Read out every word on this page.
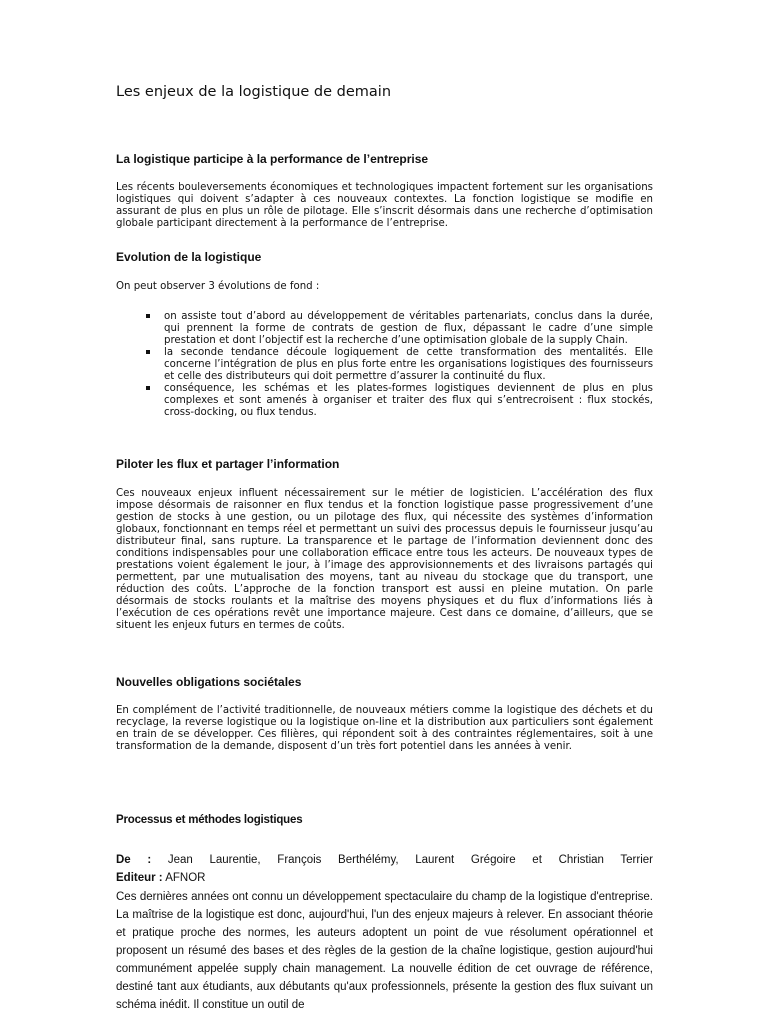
Les enjeux de la logistique de demain
La logistique participe à la performance de l’entreprise

Les récents bouleversements économiques et technologiques impactent fortement sur les organisations logistiques qui doivent s’adapter à ces nouveaux contextes. La fonction logistique se modifie en assurant de plus en plus un rôle de pilotage. Elle s’inscrit désormais dans une recherche d’optimisation globale participant directement à la performance de l’entreprise.

Evolution de la logistique

On peut observer 3 évolutions de fond :

on assiste tout d’abord au développement de véritables partenariats, conclus dans la durée, qui prennent la forme de contrats de gestion de flux, dépassant le cadre d’une simple prestation et dont l’objectif est la recherche d’une optimisation globale de la supply Chain.
la seconde tendance découle logiquement de cette transformation des mentalités. Elle concerne l’intégration de plus en plus forte entre les organisations logistiques des fournisseurs et celle des distributeurs qui doit permettre d’assurer la continuité du flux.
conséquence, les schémas et les plates-formes logistiques deviennent de plus en plus complexes et sont amenés à organiser et traiter des flux qui s’entrecroisent : flux stockés, cross-docking, ou flux tendus.
Piloter les flux et partager l’information

Ces nouveaux enjeux influent nécessairement sur le métier de logisticien. L’accélération des flux impose désormais de raisonner en flux tendus et la fonction logistique passe progressivement d’une gestion de stocks à une gestion, ou un pilotage des flux, qui nécessite des systèmes d’information globaux, fonctionnant en temps réel et permettant un suivi des processus depuis le fournisseur jusqu’au distributeur final, sans rupture. La transparence et le partage de l’information deviennent donc des conditions indispensables pour une collaboration efficace entre tous les acteurs. De nouveaux types de prestations voient également le jour, à l’image des approvisionnements et des livraisons partagés qui permettent, par une mutualisation des moyens, tant au niveau du stockage que du transport, une réduction des coûts. L’approche de la fonction transport est aussi en pleine mutation. On parle désormais de stocks roulants et la maîtrise des moyens physiques et du flux d’informations liés à l’exécution de ces opérations revêt une importance majeure. Cest dans ce domaine, d’ailleurs, que se situent les enjeux futurs en termes de coûts.

Nouvelles obligations sociétales

En complément de l’activité traditionnelle, de nouveaux métiers comme la logistique des déchets et du recyclage, la reverse logistique ou la logistique on-line et la distribution aux particuliers sont également en train de se développer. Ces filières, qui répondent soit à des contraintes réglementaires, soit à une transformation de la demande, disposent d’un très fort potentiel dans les années à venir.

Processus et méthodes logistiques
De : Jean Laurentie, François Berthélémy, Laurent Grégoire et Christian Terrier
Editeur : AFNOR

Ces dernières années ont connu un développement spectaculaire du champ de la logistique d'entreprise. La maîtrise de la logistique est donc, aujourd'hui, l'un des enjeux majeurs à relever. En associant théorie et pratique proche des normes, les auteurs adoptent un point de vue résolument opérationnel et proposent un résumé des bases et des règles de la gestion de la chaîne logistique, gestion aujourd'hui communément appelée supply chain management. La nouvelle édition de cet ouvrage de référence, destiné tant aux étudiants, aux débutants qu'aux professionnels, présente la gestion des flux suivant un schéma inédit. Il constitue un outil de
